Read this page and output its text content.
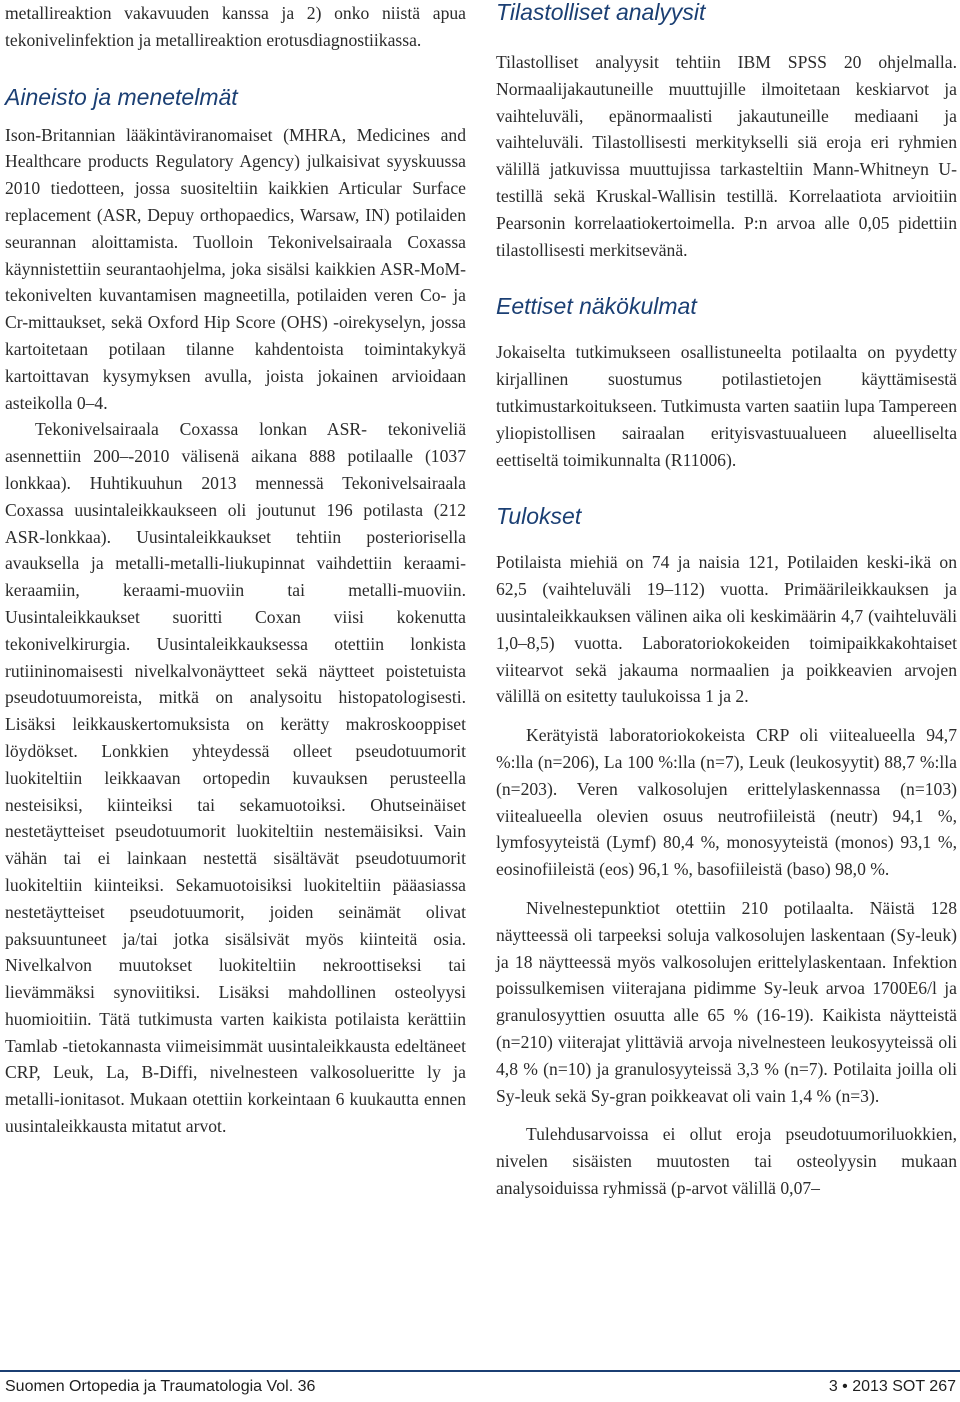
metallireaktion vakavuuden kanssa ja 2) onko niistä apua tekonivelinfektion ja metallireaktion erotusdiagnostiikassa.

Aineisto ja menetelmät

Ison-Britannian lääkintäviranomaiset (MHRA, Medicines and Healthcare products Regulatory Agency) julkaisivat syyskuussa 2010 tiedotteen, jossa suositeltiin kaikkien Articular Surface replacement (ASR, Depuy orthopaedics, Warsaw, IN) potilaiden seurannan aloittamista. Tuolloin Tekonivelsairaala Coxassa käynnistettiin seurantaohjelma, joka sisälsi kaikkien ASR-MoM-tekonivelten kuvantamisen magneetilla, potilaiden veren Co- ja Cr-mittaukset, sekä Oxford Hip Score (OHS) -oirekyselyn, jossa kartoitetaan potilaan tilanne kahdentoista toimintakykyä kartoittavan kysymyksen avulla, joista jokainen arvioidaan asteikolla 0–4.

Tekonivelsairaala Coxassa lonkan ASR- tekoniveliä asennettiin 200–-2010 välisenä aikana 888 potilaalle (1037 lonkkaa). Huhtikuuhun 2013 mennessä Tekonivelsairaala Coxassa uusintaleikkaukseen oli joutunut 196 potilasta (212 ASR-lonkkaa). Uusintaleikkaukset tehtiin posteriorisella avauksella ja metalli-metalli-liukupinnat vaihdettiin keraami-keraamiin, keraami-muoviin tai metalli-muoviin. Uusintaleikkaukset suoritti Coxan viisi kokenutta tekonivelkirurgia. Uusintaleikkauksessa otettiin lonkista rutiininomaisesti nivelkalvonäytteet sekä näytteet poistetuista pseudotuumoreista, mitkä on analysoitu histopatologisesti. Lisäksi leikkauskertomuksista on kerätty makroskooppiset löydökset. Lonkkien yhteydessä olleet pseudotuumorit luokiteltiin leikkaavan ortopedin kuvauksen perusteella nesteisiksi, kiinteiksi tai sekamuotoiksi. Ohutseinäiset nestetäytteiset pseudotuumorit luokiteltiin nestemäisiksi. Vain vähän tai ei lainkaan nestettä sisältävät pseudotuumorit luokiteltiin kiinteiksi. Sekamuotoisiksi luokiteltiin pääasiassa nestetäytteiset pseudotuumorit, joiden seinämät olivat paksuuntuneet ja/tai jotka sisälsivät myös kiinteitä osia. Nivelkalvon muutokset luokiteltiin nekroottiseksi tai lievämmäksi synoviitiksi. Lisäksi mahdollinen osteolyysi huomioitiin. Tätä tutkimusta varten kaikista potilaista kerättiin Tamlab -tietokannasta viimeisimmät uusintaleikkausta edeltäneet CRP, Leuk, La, B-Diffi, nivelnesteen valkosolueritte ly ja metalli-ionitasot. Mukaan otettiin korkeintaan 6 kuukautta ennen uusintaleikkausta mitatut arvot.

Tilastolliset analyysit

Tilastolliset analyysit tehtiin IBM SPSS 20 ohjelmalla. Normaalijakautuneille muuttujille ilmoitetaan keskiarvot ja vaihteluväli, epänormaalisti jakautuneille mediaani ja vaihteluväli. Tilastollisesti merkitykselli siä eroja eri ryhmien välillä jatkuvissa muuttujissa tarkasteltiin Mann-Whitneyn U-testillä sekä Kruskal-Wallisin testillä. Korrelaatiota arvioitiin Pearsonin korrelaatiokertoimella. P:n arvoa alle 0,05 pidettiin tilastollisesti merkitsevänä.

Eettiset näkökulmat

Jokaiselta tutkimukseen osallistuneelta potilaalta on pyydetty kirjallinen suostumus potilastietojen käyttämisestä tutkimustarkoitukseen. Tutkimusta varten saatiin lupa Tampereen yliopistollisen sairaalan erityisvastuualueen alueelliselta eettiseltä toimikunnalta (R11006).

Tulokset

Potilaista miehiä on 74 ja naisia 121, Potilaiden keski-ikä on 62,5 (vaihteluväli 19–112) vuotta. Primäärileikkauksen ja uusintaleikkauksen välinen aika oli keskimäärin 4,7 (vaihteluväli 1,0–8,5) vuotta. Laboratoriokokeiden toimipaikkakohtaiset viitearvot sekä jakauma normaalien ja poikkeavien arvojen välillä on esitetty taulukoissa 1 ja 2.

Kerätyistä laboratoriokokeista CRP oli viitealueella 94,7 %:lla (n=206), La 100 %:lla (n=7), Leuk (leukosyytit) 88,7 %:lla (n=203). Veren valkosolujen erittelylaskennassa (n=103) viitealueella olevien osuus neutrofiileistä (neutr) 94,1 %, lymfosyyteistä (Lymf) 80,4 %, monosyyteistä (monos) 93,1 %, eosinofiileistä (eos) 96,1 %, basofiileistä (baso) 98,0 %.

Nivelnestepunktiot otettiin 210 potilaalta. Näistä 128 näytteessä oli tarpeeksi soluja valkosolujen laskentaan (Sy-leuk) ja 18 näytteessä myös valkosolujen erittelylaskentaan. Infektion poissulkemisen viiterajana pidimme Sy-leuk arvoa 1700E6/l ja granulosyyttien osuutta alle 65 % (16-19). Kaikista näytteistä (n=210) viiterajat ylittäviä arvoja nivelnesteen leukosyyteissä oli 4,8 % (n=10) ja granulosyyteissä 3,3 % (n=7). Potilaita joilla oli Sy-leuk sekä Sy-gran poikkeavat oli vain 1,4 % (n=3).

Tulehdusarvoissa ei ollut eroja pseudotuumoriluokkien, nivelen sisäisten muutosten tai osteolyysin mukaan analysoiduissa ryhmissä (p-arvot välillä 0,07–

Suomen Ortopedia ja Traumatologia Vol. 36	3 • 2013 SOT 267
